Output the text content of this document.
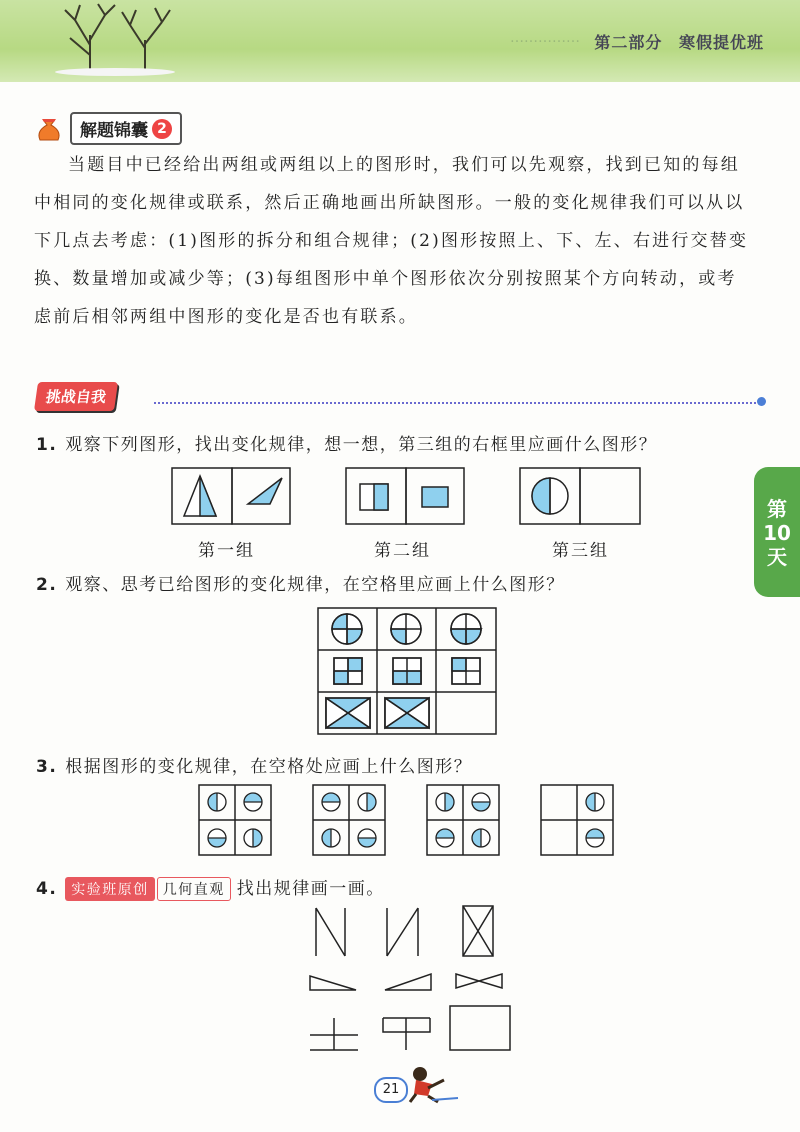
…………… 第二部分 寒假提优班
解题锦囊 2
当题目中已经给出两组或两组以上的图形时，我们可以先观察，找到已知的每组中相同的变化规律或联系，然后正确地画出所缺图形。一般的变化规律我们可以从以下几点去考虑：(1)图形的拆分和组合规律；(2)图形按照上、下、左、右进行交替变换、数量增加或减少等；(3)每组图形中单个图形依次分别按照某个方向转动，或考虑前后相邻两组中图形的变化是否也有联系。
挑战自我
1. 观察下列图形，找出变化规律，想一想，第三组的右框里应画什么图形？
第一组	第二组	第三组
第
10
天
2. 观察、思考已给图形的变化规律，在空格里应画上什么图形？
3. 根据图形的变化规律，在空格处应画上什么图形？
4. 实验班原创 几何直观 找出规律画一画。
21
